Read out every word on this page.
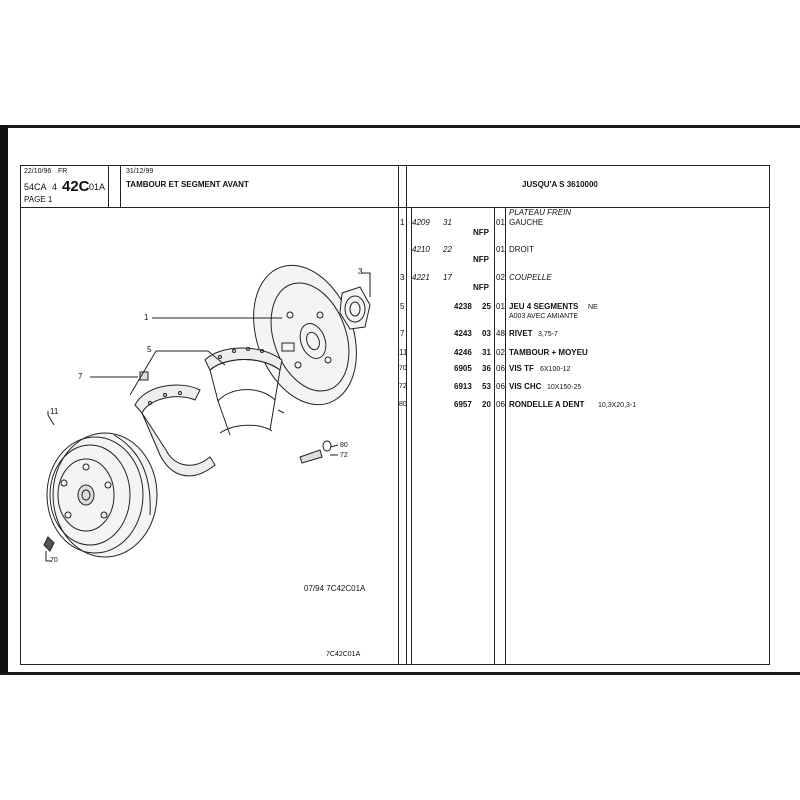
22/10/96 FR	31/12/99
54CA 4 42C 01A
PAGE 1
TAMBOUR ET SEGMENT AVANT	JUSQU'A S 3610000
PLATEAU FREIN
1 4209 31	01 GAUCHE
NFP
4210 22	01 DROIT
NFP
3 4221 17	02 COUPELLE
NFP
5	4238 25 01 JEU 4 SEGMENTS NE
A003 AVEC AMIANTE
7	4243 03 48 RIVET 3,75-7
11	4246 31 02 TAMBOUR + MOYEU
70	6905 36 06 VIS TF 6X100-12
72	6913 53 06 VIS CHC 10X150-25
80	6957 20 06 RONDELLE A DENT 10,3X20,3-1
1
3
5
7
11
70
72
80
07/94 7C42C01A
7C42C01A
